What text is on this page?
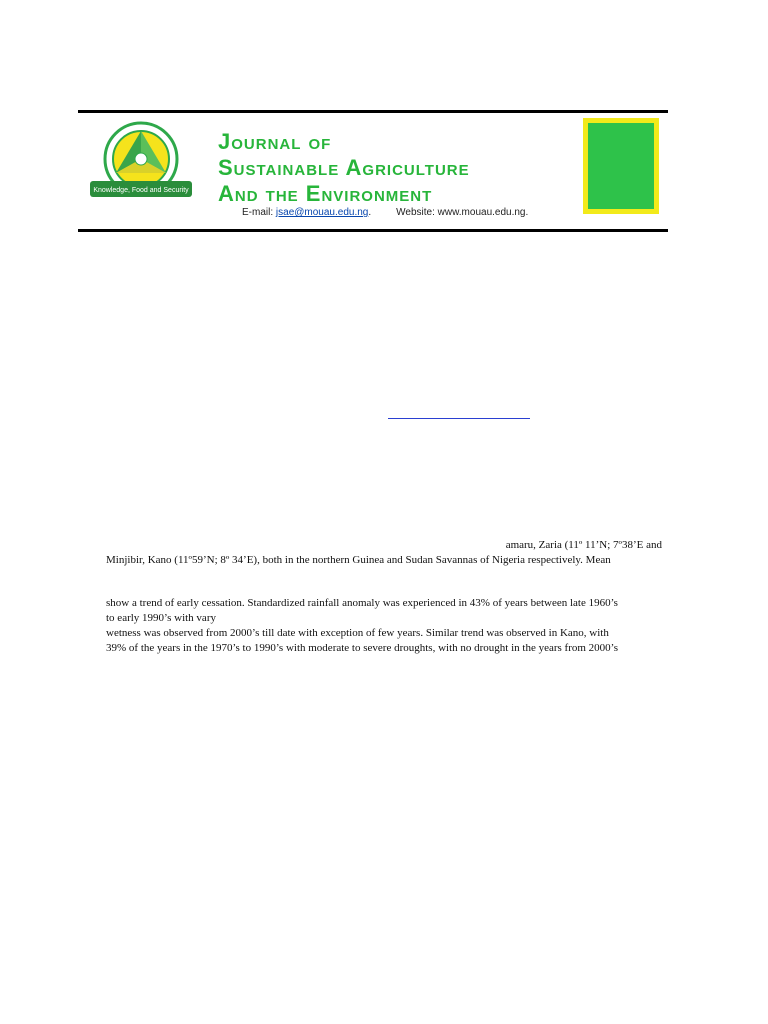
Knowledge, Food and Security
Journal of
Sustainable Agriculture
And the Environment
E-mail: jsae@mouau.edu.ng.         Website: www.mouau.edu.ng.
amaru, Zaria (11º 11’N; 7º38’E and
Minjibir, Kano (11º59’N; 8º 34’E), both in the northern Guinea and Sudan Savannas of Nigeria respectively. Mean
show a trend of early cessation. Standardized rainfall anomaly was experienced in 43% of years between late 1960’s
to early 1990’s with vary
wetness was observed from 2000’s till date with exception of few years. Similar trend was observed in Kano, with
39% of the years in the 1970’s to 1990’s with moderate to severe droughts, with no drought in the years from 2000’s
